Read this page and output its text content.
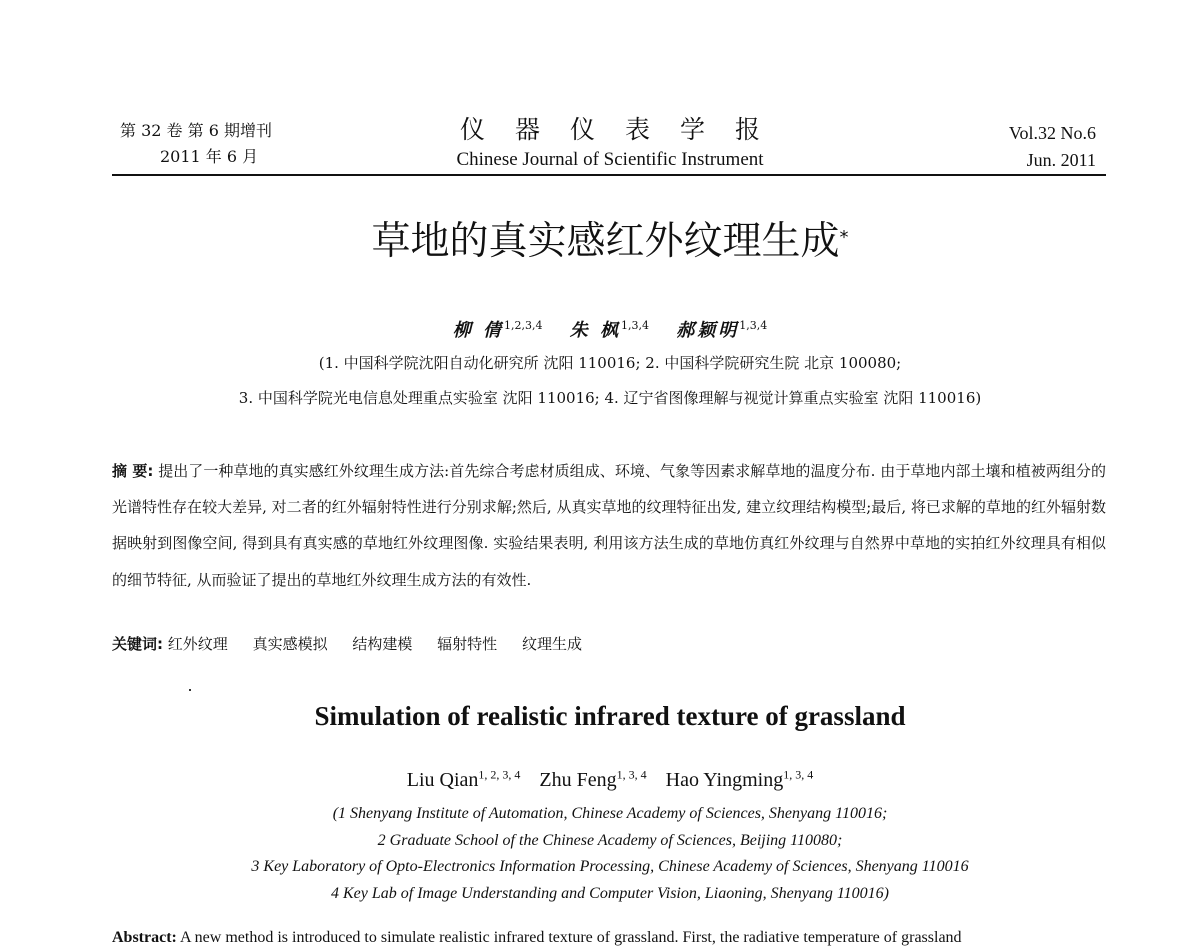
第 32 卷 第 6 期增刊
2011 年 6 月
仪器仪表学报
Chinese Journal of Scientific Instrument
Vol.32 No.6
Jun. 2011
草地的真实感红外纹理生成*
柳 倩$^{1,2,3,4}$ 朱 枫$^{1,3,4}$ 郝颖明$^{1,3,4}$
(1. 中国科学院沈阳自动化研究所 沈阳 110016; 2. 中国科学院研究生院 北京 100080;
3. 中国科学院光电信息处理重点实验室 沈阳 110016; 4. 辽宁省图像理解与视觉计算重点实验室 沈阳 110016)
摘 要: 提出了一种草地的真实感红外纹理生成方法:首先综合考虑材质组成、环境、气象等因素求解草地的温度分布. 由于草地内部土壤和植被两组分的光谱特性存在较大差异, 对二者的红外辐射特性进行分别求解;然后, 从真实草地的纹理特征出发, 建立纹理结构模型;最后, 将已求解的草地的红外辐射数据映射到图像空间, 得到具有真实感的草地红外纹理图像. 实验结果表明, 利用该方法生成的草地仿真红外纹理与自然界中草地的实拍红外纹理具有相似的细节特征, 从而验证了提出的草地红外纹理生成方法的有效性.
关键词: 红外纹理 真实感模拟 结构建模 辐射特性 纹理生成
Simulation of realistic infrared texture of grassland
Liu Qian$^{1, 2, 3, 4}$ Zhu Feng$^{1, 3, 4}$ Hao Yingming$^{1, 3, 4}$
(1 Shenyang Institute of Automation, Chinese Academy of Sciences, Shenyang 110016;
2 Graduate School of the Chinese Academy of Sciences, Beijing 110080;
3 Key Laboratory of Opto-Electronics Information Processing, Chinese Academy of Sciences, Shenyang 110016
4 Key Lab of Image Understanding and Computer Vision, Liaoning, Shenyang 110016)
Abstract: A new method is introduced to simulate realistic infrared texture of grassland. First, the radiative temperature of grassland
